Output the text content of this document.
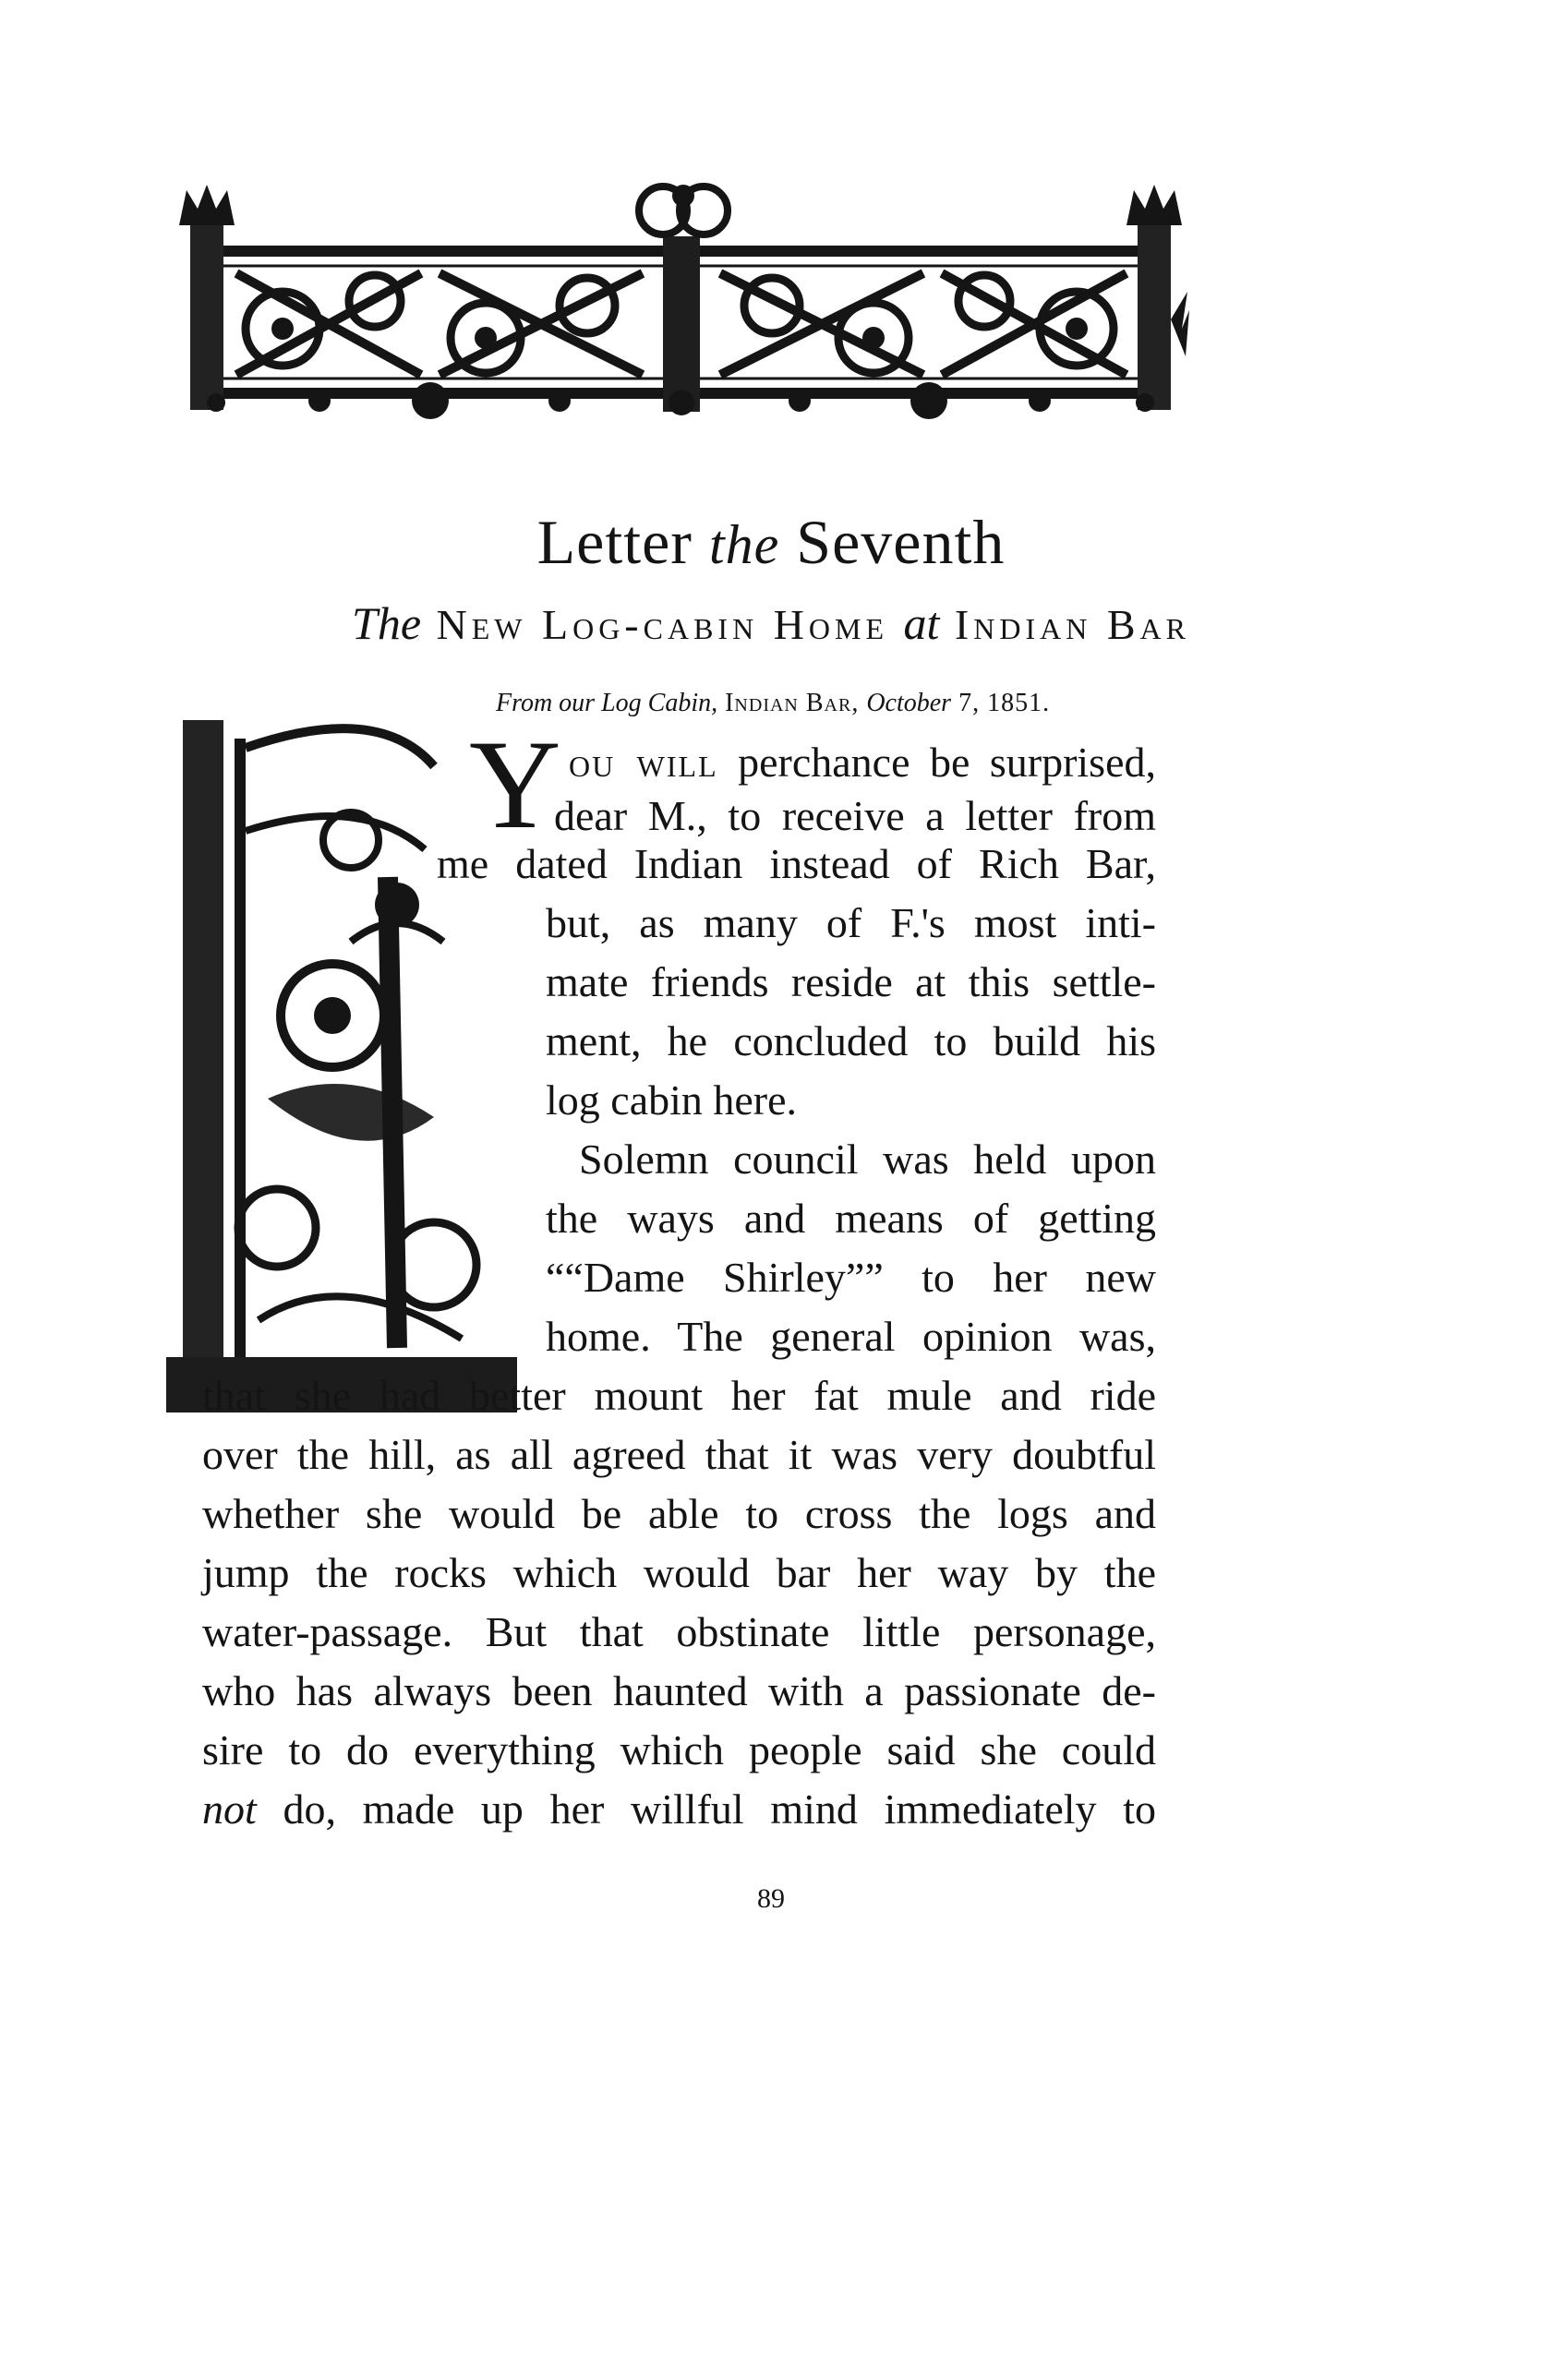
Letter the Seventh
The New Log-cabin Home at Indian Bar
From our Log Cabin, Indian Bar, October 7, 1851.
Y ou will perchance be surprised,
dear M., to receive a letter from
me dated Indian instead of Rich Bar,
but, as many of F.'s most inti-
mate friends reside at this settle-
ment, he concluded to build his
log cabin here.
Solemn council was held upon
the ways and means of getting
““Dame Shirley”” to her new
home. The general opinion was,
that she had better mount her fat mule and ride
over the hill, as all agreed that it was very doubtful
whether she would be able to cross the logs and
jump the rocks which would bar her way by the
water-passage. But that obstinate little personage,
who has always been haunted with a passionate de-
sire to do everything which people said she could
not do, made up her willful mind immediately to
89
